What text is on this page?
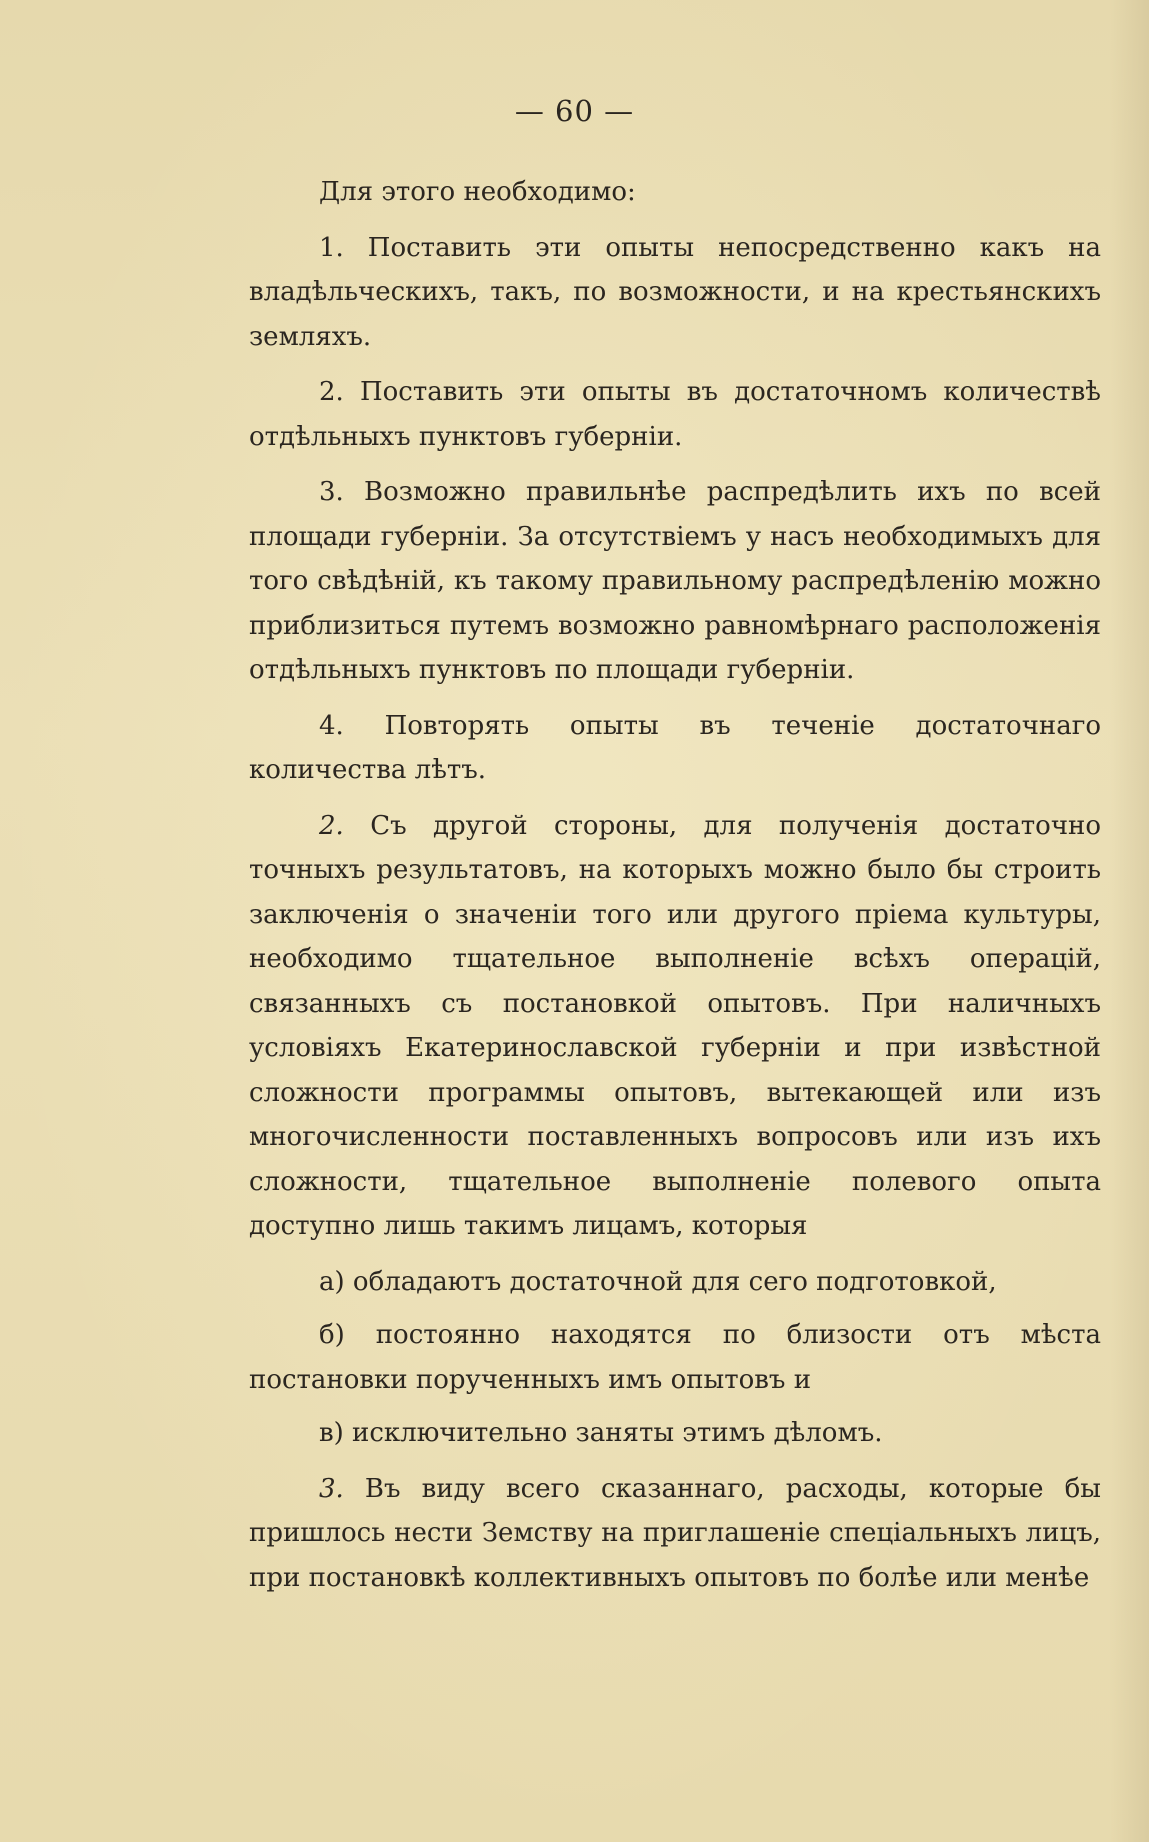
— 60 —

Для этого необходимо:

1. Поставить эти опыты непосредственно какъ на владѣльческихъ, такъ, по возможности, и на крестьянскихъ земляхъ.

2. Поставить эти опыты въ достаточномъ количествѣ отдѣльныхъ пунктовъ губерніи.

3. Возможно правильнѣе распредѣлить ихъ по всей площади губерніи. За отсутствіемъ у насъ необходимыхъ для того свѣдѣній, къ такому правильному распредѣленію можно приблизиться путемъ возможно равномѣрнаго расположенія отдѣльныхъ пунктовъ по площади губерніи.

4. Повторять опыты въ теченіе достаточнаго количества лѣтъ.

2. Съ другой стороны, для полученія достаточно точныхъ результатовъ, на которыхъ можно было бы строить заключенія о значеніи того или другого пріема культуры, необходимо тщательное выполненіе всѣхъ операцій, связанныхъ съ постановкой опытовъ. При наличныхъ условіяхъ Екатеринославской губерніи и при извѣстной сложности программы опытовъ, вытекающей или изъ многочисленности поставленныхъ вопросовъ или изъ ихъ сложности, тщательное выполненіе полевого опыта доступно лишь такимъ лицамъ, которыя

а) обладаютъ достаточной для сего подготовкой,

б) постоянно находятся по близости отъ мѣста постановки порученныхъ имъ опытовъ и

в) исключительно заняты этимъ дѣломъ.

3. Въ виду всего сказаннаго, расходы, которые бы пришлось нести Земству на приглашеніе спеціальныхъ лицъ, при постановкѣ коллективныхъ опытовъ по болѣе или менѣе
